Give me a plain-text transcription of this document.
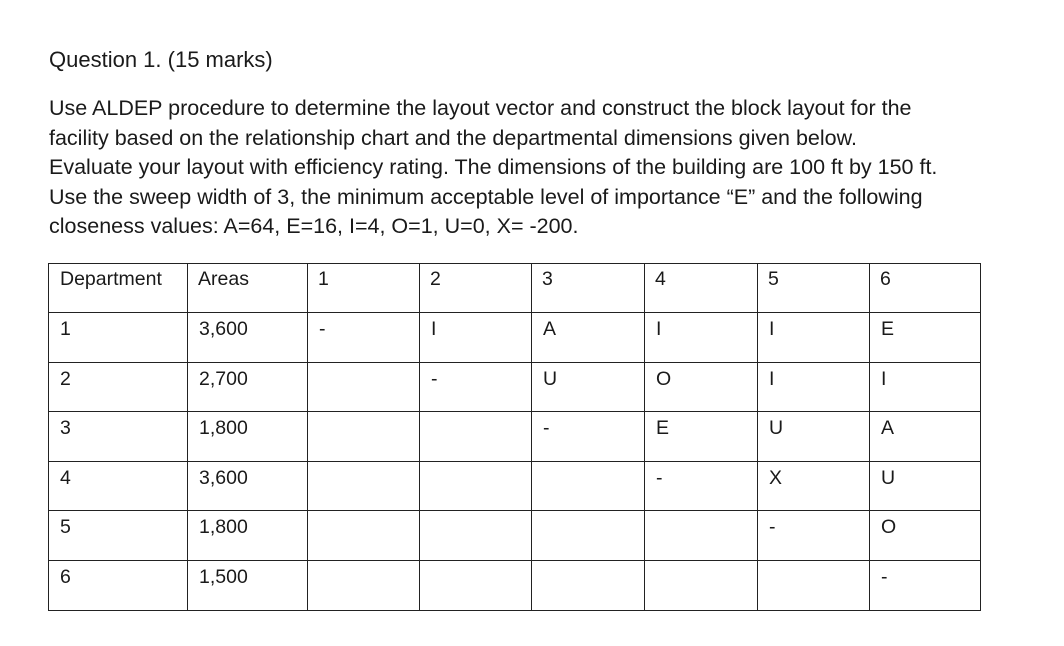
Question 1. (15 marks)
Use ALDEP procedure to determine the layout vector and construct the block layout for the
facility based on the relationship chart and the departmental dimensions given below.
Evaluate your layout with efficiency rating. The dimensions of the building are 100 ft by 150 ft.
Use the sweep width of 3, the minimum acceptable level of importance “E” and the following
closeness values: A=64, E=16, I=4, O=1, U=0, X= -200.
Department	Areas	1	2	3	4	5	6

1	3,600	-	I	A	I	I	E

2	2,700		-	U	O	I	I

3	1,800			-	E	U	A

4	3,600				-	X	U

5	1,800					-	O

6	1,500						-
